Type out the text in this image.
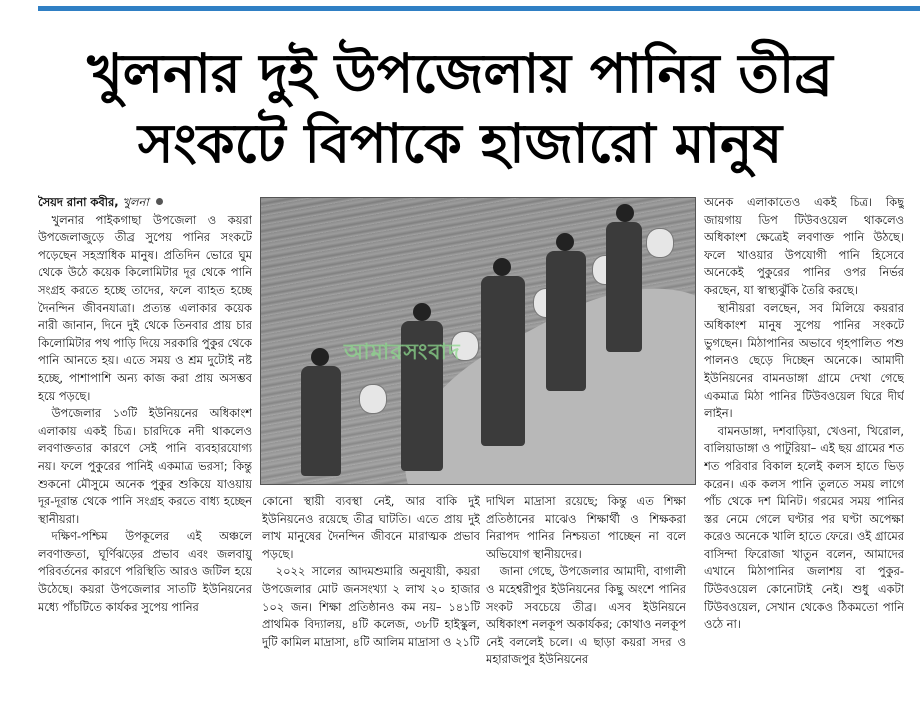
খুলনার দুই উপজেলায় পানির তীব্র
সংকটে বিপাকে হাজারো মানুষ

সৈয়দ রানা কবীর, খুলনা

খুলনার পাইকগাছা উপজেলা ও কয়রা উপজেলাজুড়ে তীব্র সুপেয় পানির সংকটে পড়েছেন সহস্রাধিক মানুষ। প্রতিদিন ভোরে ঘুম থেকে উঠে কয়েক কিলোমিটার দূর থেকে পানি সংগ্রহ করতে হচ্ছে তাদের, ফলে ব্যাহত হচ্ছে দৈনন্দিন জীবনযাত্রা। প্রত্যন্ত এলাকার কয়েক নারী জানান, দিনে দুই থেকে তিনবার প্রায় চার কিলোমিটার পথ পাড়ি দিয়ে সরকারি পুকুর থেকে পানি আনতে হয়। এতে সময় ও শ্রম দুটোই নষ্ট হচ্ছে, পাশাপাশি অন্য কাজ করা প্রায় অসম্ভব হয়ে পড়ছে।

উপজেলার ১৩টি ইউনিয়নের অধিকাংশ এলাকায় একই চিত্র। চারদিকে নদী থাকলেও লবণাক্ততার কারণে সেই পানি ব্যবহারযোগ্য নয়। ফলে পুকুরের পানিই একমাত্র ভরসা; কিন্তু শুকনো মৌসুমে অনেক পুকুর শুকিয়ে যাওয়ায় দূর-দূরান্ত থেকে পানি সংগ্রহ করতে বাধ্য হচ্ছেন স্থানীয়রা।

দক্ষিণ-পশ্চিম উপকূলের এই অঞ্চলে লবণাক্ততা, ঘূর্ণিঝড়ের প্রভাব এবং জলবায়ু পরিবর্তনের কারণে পরিস্থিতি আরও জটিল হয়ে উঠেছে। কয়রা উপজেলার সাতটি ইউনিয়নের মধ্যে পাঁচটিতে কার্যকর সুপেয় পানির

আমারসংবাদ

কোনো স্থায়ী ব্যবস্থা নেই, আর বাকি দুই ইউনিয়নেও রয়েছে তীব্র ঘাটতি। এতে প্রায় দুই লাখ মানুষের দৈনন্দিন জীবনে মারাত্মক প্রভাব পড়ছে।

২০২২ সালের আদমশুমারি অনুযায়ী, কয়রা উপজেলার মোট জনসংখ্যা ২ লাখ ২০ হাজার ১০২ জন। শিক্ষা প্রতিষ্ঠানও কম নয়– ১৪১টি প্রাথমিক বিদ্যালয়, ৪টি কলেজ, ৩৮টি হাইস্কুল, দুটি কামিল মাদ্রাসা, ৪টি আলিম মাদ্রাসা ও ২১টি

দাখিল মাদ্রাসা রয়েছে; কিন্তু এত শিক্ষা প্রতিষ্ঠানের মাঝেও শিক্ষার্থী ও শিক্ষকরা নিরাপদ পানির নিশ্চয়তা পাচ্ছেন না বলে অভিযোগ স্থানীয়দের।

জানা গেছে, উপজেলার আমাদী, বাগালী ও মহেশ্বরীপুর ইউনিয়নের কিছু অংশে পানির সংকট সবচেয়ে তীব্র। এসব ইউনিয়নে অধিকাংশ নলকূপ অকার্যকর; কোথাও নলকূপ নেই বললেই চলে। এ ছাড়া কয়রা সদর ও মহারাজপুর ইউনিয়নের

অনেক এলাকাতেও একই চিত্র। কিছু জায়গায় ডিপ টিউবওয়েল থাকলেও অধিকাংশ ক্ষেত্রেই লবণাক্ত পানি উঠছে। ফলে খাওয়ার উপযোগী পানি হিসেবে অনেকেই পুকুরের পানির ওপর নির্ভর করছেন, যা স্বাস্থ্যঝুঁকি তৈরি করছে।

স্থানীয়রা বলছেন, সব মিলিয়ে কয়রার অধিকাংশ মানুষ সুপেয় পানির সংকটে ভুগছেন। মিঠাপানির অভাবে গৃহপালিত পশু পালনও ছেড়ে দিচ্ছেন অনেকে। আমাদী ইউনিয়নের বামনডাঙ্গা গ্রামে দেখা গেছে একমাত্র মিঠা পানির টিউবওয়েল ঘিরে দীর্ঘ লাইন।

বামনডাঙ্গা, দশবাড়িয়া, খেওনা, খিরোল, বালিয়াডাঙ্গা ও পাটুরিয়া– এই ছয় গ্রামের শত শত পরিবার বিকাল হলেই কলস হাতে ভিড় করেন। এক কলস পানি তুলতে সময় লাগে পাঁচ থেকে দশ মিনিট। গরমের সময় পানির স্তর নেমে গেলে ঘণ্টার পর ঘণ্টা অপেক্ষা করেও অনেকে খালি হাতে ফেরে। ওই গ্রামের বাসিন্দা ফিরোজা খাতুন বলেন, আমাদের এখানে মিঠাপানির জলাশয় বা পুকুর-টিউবওয়েল কোনোটাই নেই। শুধু একটা টিউবওয়েল, সেখান থেকেও ঠিকমতো পানি ওঠে না।
